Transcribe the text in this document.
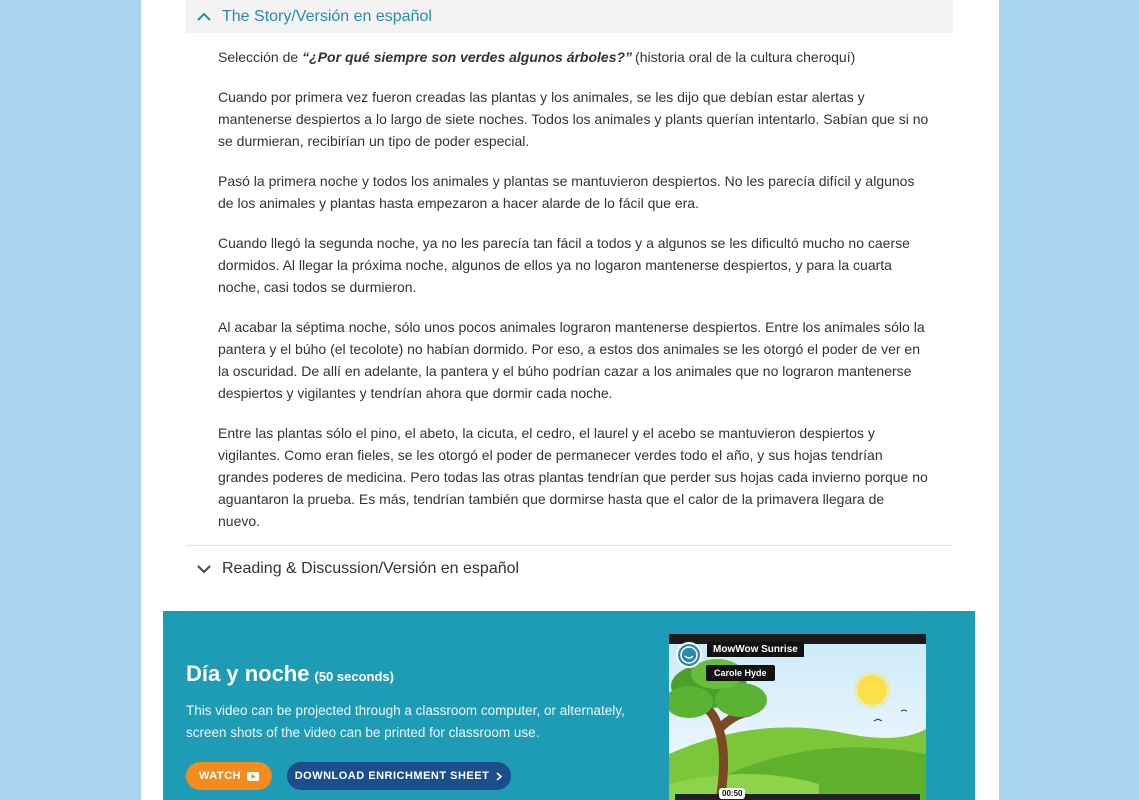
The Story/Versión en español

Selección de “¿Por qué siempre son verdes algunos árboles?” (historia oral de la cultura cheroquí)

Cuando por primera vez fueron creadas las plantas y los animales, se les dijo que debían estar alertas y mantenerse despiertos a lo largo de siete noches. Todos los animales y plants querían intentarlo. Sabían que si no se durmieran, recibirían un tipo de poder especial.

Pasó la primera noche y todos los animales y plantas se mantuvieron despiertos. No les parecía difícil y algunos de los animales y plantas hasta empezaron a hacer alarde de lo fácil que era.

Cuando llegó la segunda noche, ya no les parecía tan fácil a todos y a algunos se les dificultó mucho no caerse dormidos. Al llegar la próxima noche, algunos de ellos ya no logaron mantenerse despiertos, y para la cuarta noche, casi todos se durmieron.

Al acabar la séptima noche, sólo unos pocos animales lograron mantenerse despiertos. Entre los animales sólo la pantera y el búho (el tecolote) no habían dormido. Por eso, a estos dos animales se les otorgó el poder de ver en la oscuridad. De allí en adelante, la pantera y el búho podrían cazar a los animales que no lograron mantenerse despiertos y vigilantes y tendrían ahora que dormir cada noche.

Entre las plantas sólo el pino, el abeto, la cicuta, el cedro, el laurel y el acebo se mantuvieron despiertos y vigilantes. Como eran fieles, se les otorgó el poder de permanecer verdes todo el año, y sus hojas tendrían grandes poderes de medicina. Pero todas las otras plantas tendrían que perder sus hojas cada invierno porque no aguantaron la prueba. Es más, tendrían también que dormirse hasta que el calor de la primavera llegara de nuevo.

Reading & Discussion/Versión en español
Día y noche (50 seconds)
This video can be projected through a classroom computer, or alternately, screen shots of the video can be printed for classroom use.
WATCH	DOWNLOAD ENRICHMENT SHEET
MowWow Sunrise
Carole Hyde
00:50
